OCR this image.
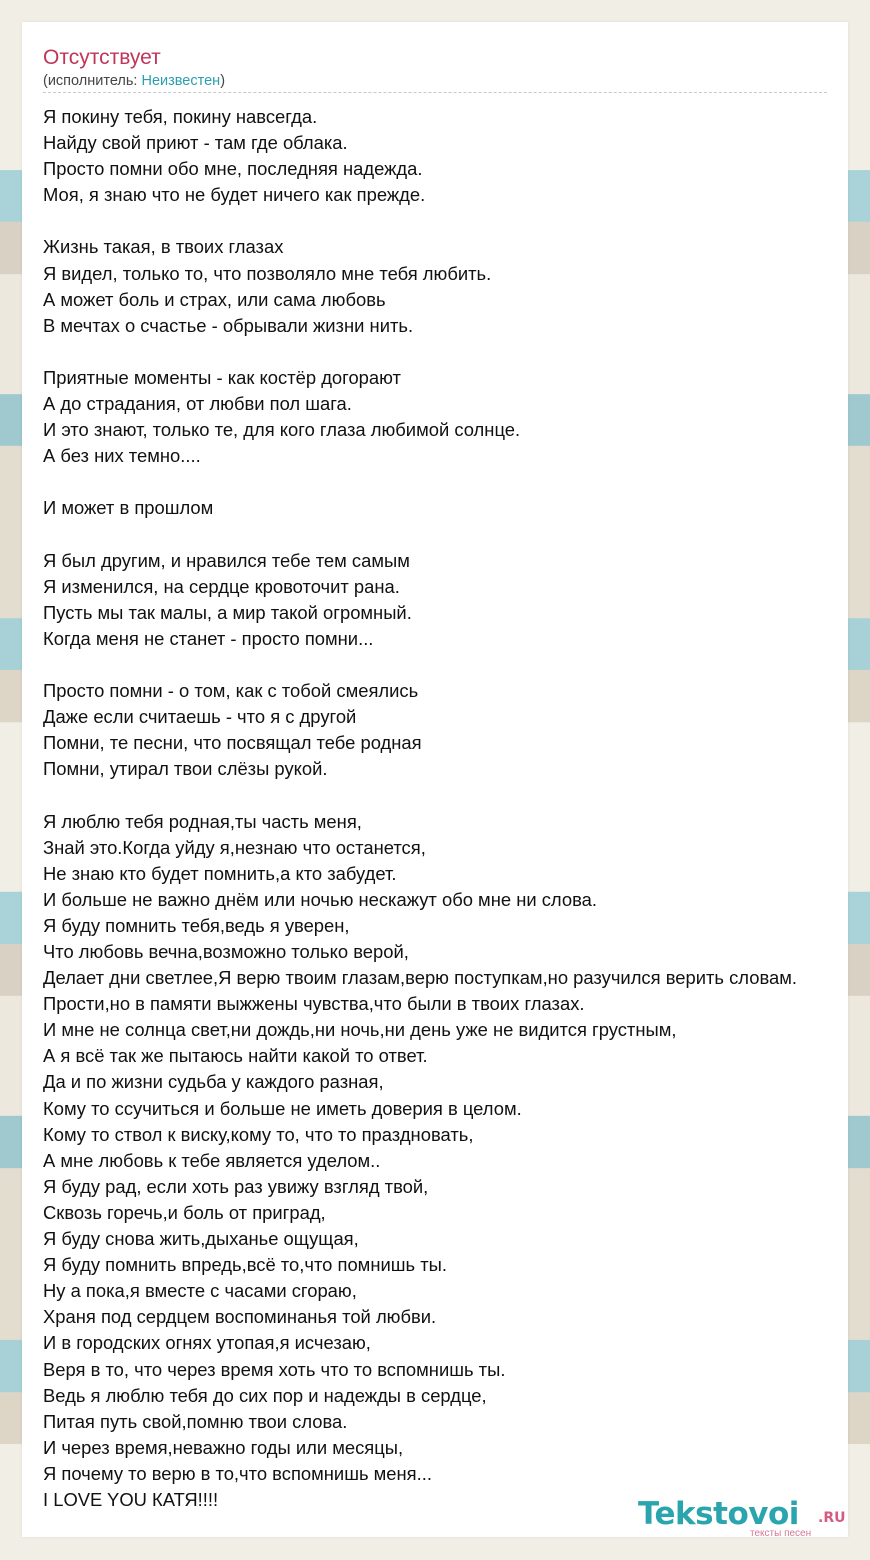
Отсутствует
(исполнитель: Неизвестен)
Я покину тебя, покину навсегда.
Найду свой приют - там где облака.
Просто помни обо мне, последняя надежда.
Моя, я знаю что не будет ничего как прежде.
Жизнь такая, в твоих глазах
Я видел, только то, что позволяло мне тебя любить.
А может боль и страх, или сама любовь
В мечтах о счастье - обрывали жизни нить.
Приятные моменты - как костёр догорают
А до страдания, от любви пол шага.
И это знают, только те, для кого глаза любимой солнце.
А без них темно....
И может в прошлом
Я был другим, и нравился тебе тем самым
Я изменился, на сердце кровоточит рана.
Пусть мы так малы, а мир такой огромный.
Когда меня не станет - просто помни...
Просто помни - о том, как с тобой смеялись
Даже если считаешь - что я с другой
Помни, те песни, что посвящал тебе родная
Помни, утирал твои слёзы рукой.
Я люблю тебя родная,ты часть меня,
Знай это.Когда уйду я,незнаю что останется,
Не знаю кто будет помнить,а кто забудет.
И больше не важно днём или ночью нескажут обо мне ни слова.
Я буду помнить тебя,ведь я уверен,
Что любовь вечна,возможно только верой,
Делает дни светлее,Я верю твоим глазам,верю поступкам,но разучился верить словам.
Прости,но в памяти выжжены чувства,что были в твоих глазах.
И мне не солнца свет,ни дождь,ни ночь,ни день уже не видится грустным,
А я всё так же пытаюсь найти какой то ответ.
Да и по жизни судьба у каждого разная,
Кому то ссучиться и больше не иметь доверия в целом.
Кому то ствол к виску,кому то, что то праздновать,
А мне любовь к тебе является уделом..
Я буду рад, если хоть раз увижу взгляд твой,
Сквозь горечь,и боль от приград,
Я буду снова жить,дыханье ощущая,
Я буду помнить впредь,всё то,что помнишь ты.
Ну а пока,я вместе с часами сгораю,
Храня под сердцем воспоминанья той любви.
И в городских огнях утопая,я исчезаю,
Веря в то, что через время хоть что то вспомнишь ты.
Ведь я люблю тебя до сих пор и надежды в сердце,
Питая путь свой,помню твои слова.
И через время,неважно годы или месяцы,
Я почему то верю в то,что вспомнишь меня...
I LOVE YOU КАТЯ!!!!	Tekstovoi .RU
тексты песен
